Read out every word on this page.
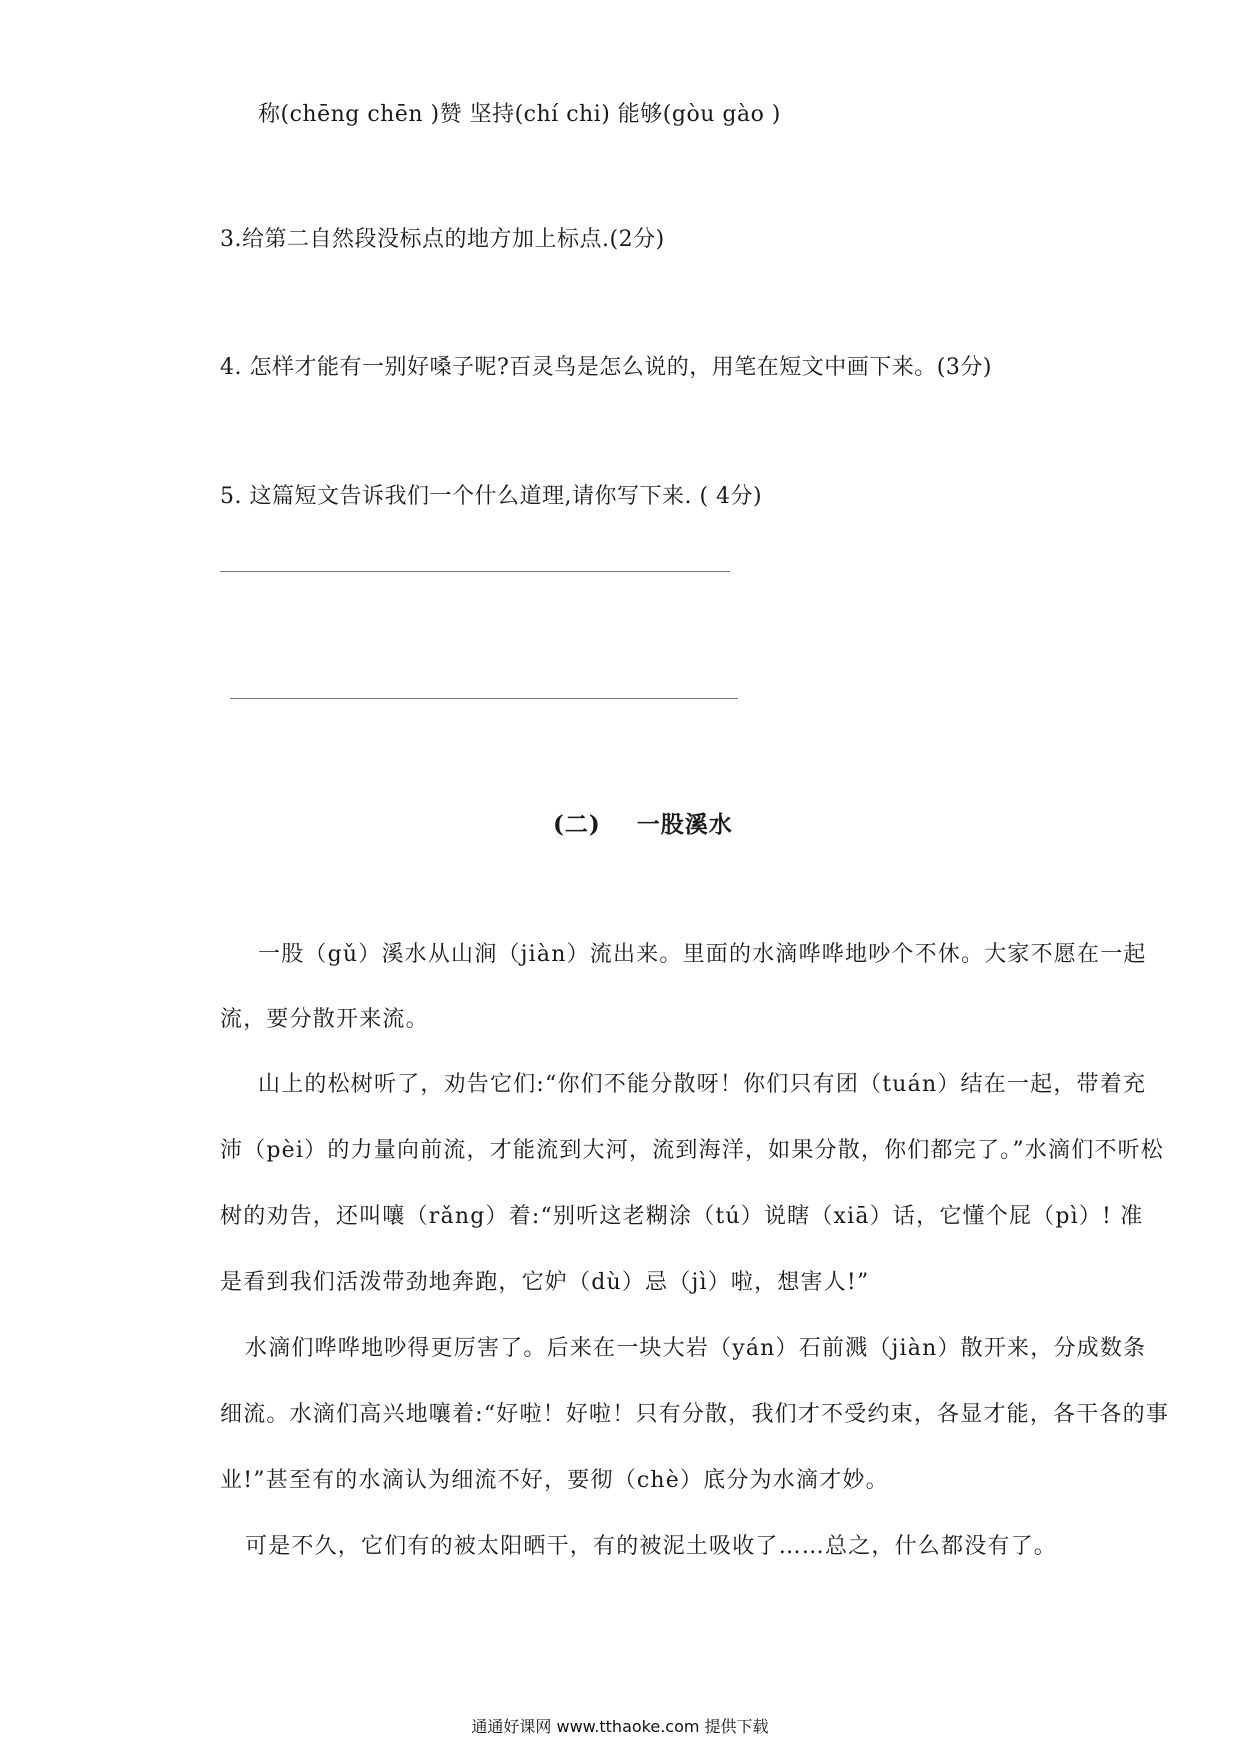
称(chēng chēn )赞 坚持(chí chi) 能够(gòu gào )
3.给第二自然段没标点的地方加上标点.(2分)
4. 怎样才能有一别好嗓子呢?百灵鸟是怎么说的，用笔在短文中画下来。(3分)
5. 这篇短文告诉我们一个什么道理,请你写下来. ( 4分)
(二) 一股溪水
一股（gǔ）溪水从山涧（jiàn）流出来。里面的水滴哗哗地吵个不休。大家不愿在一起
流，要分散开来流。
山上的松树听了，劝告它们:“你们不能分散呀！你们只有团（tuán）结在一起，带着充
沛（pèi）的力量向前流，才能流到大河，流到海洋，如果分散，你们都完了。”水滴们不听松
树的劝告，还叫嚷（rǎng）着:“别听这老糊涂（tú）说瞎（xiā）话，它懂个屁（pì）! 准
是看到我们活泼带劲地奔跑，它妒（dù）忌（jì）啦，想害人!”
水滴们哗哗地吵得更厉害了。后来在一块大岩（yán）石前溅（jiàn）散开来，分成数条
细流。水滴们高兴地嚷着:“好啦！好啦！只有分散，我们才不受约束，各显才能，各干各的事
业!”甚至有的水滴认为细流不好，要彻（chè）底分为水滴才妙。
可是不久，它们有的被太阳晒干，有的被泥土吸收了……总之，什么都没有了。
通通好课网 www.tthaoke.com 提供下载
